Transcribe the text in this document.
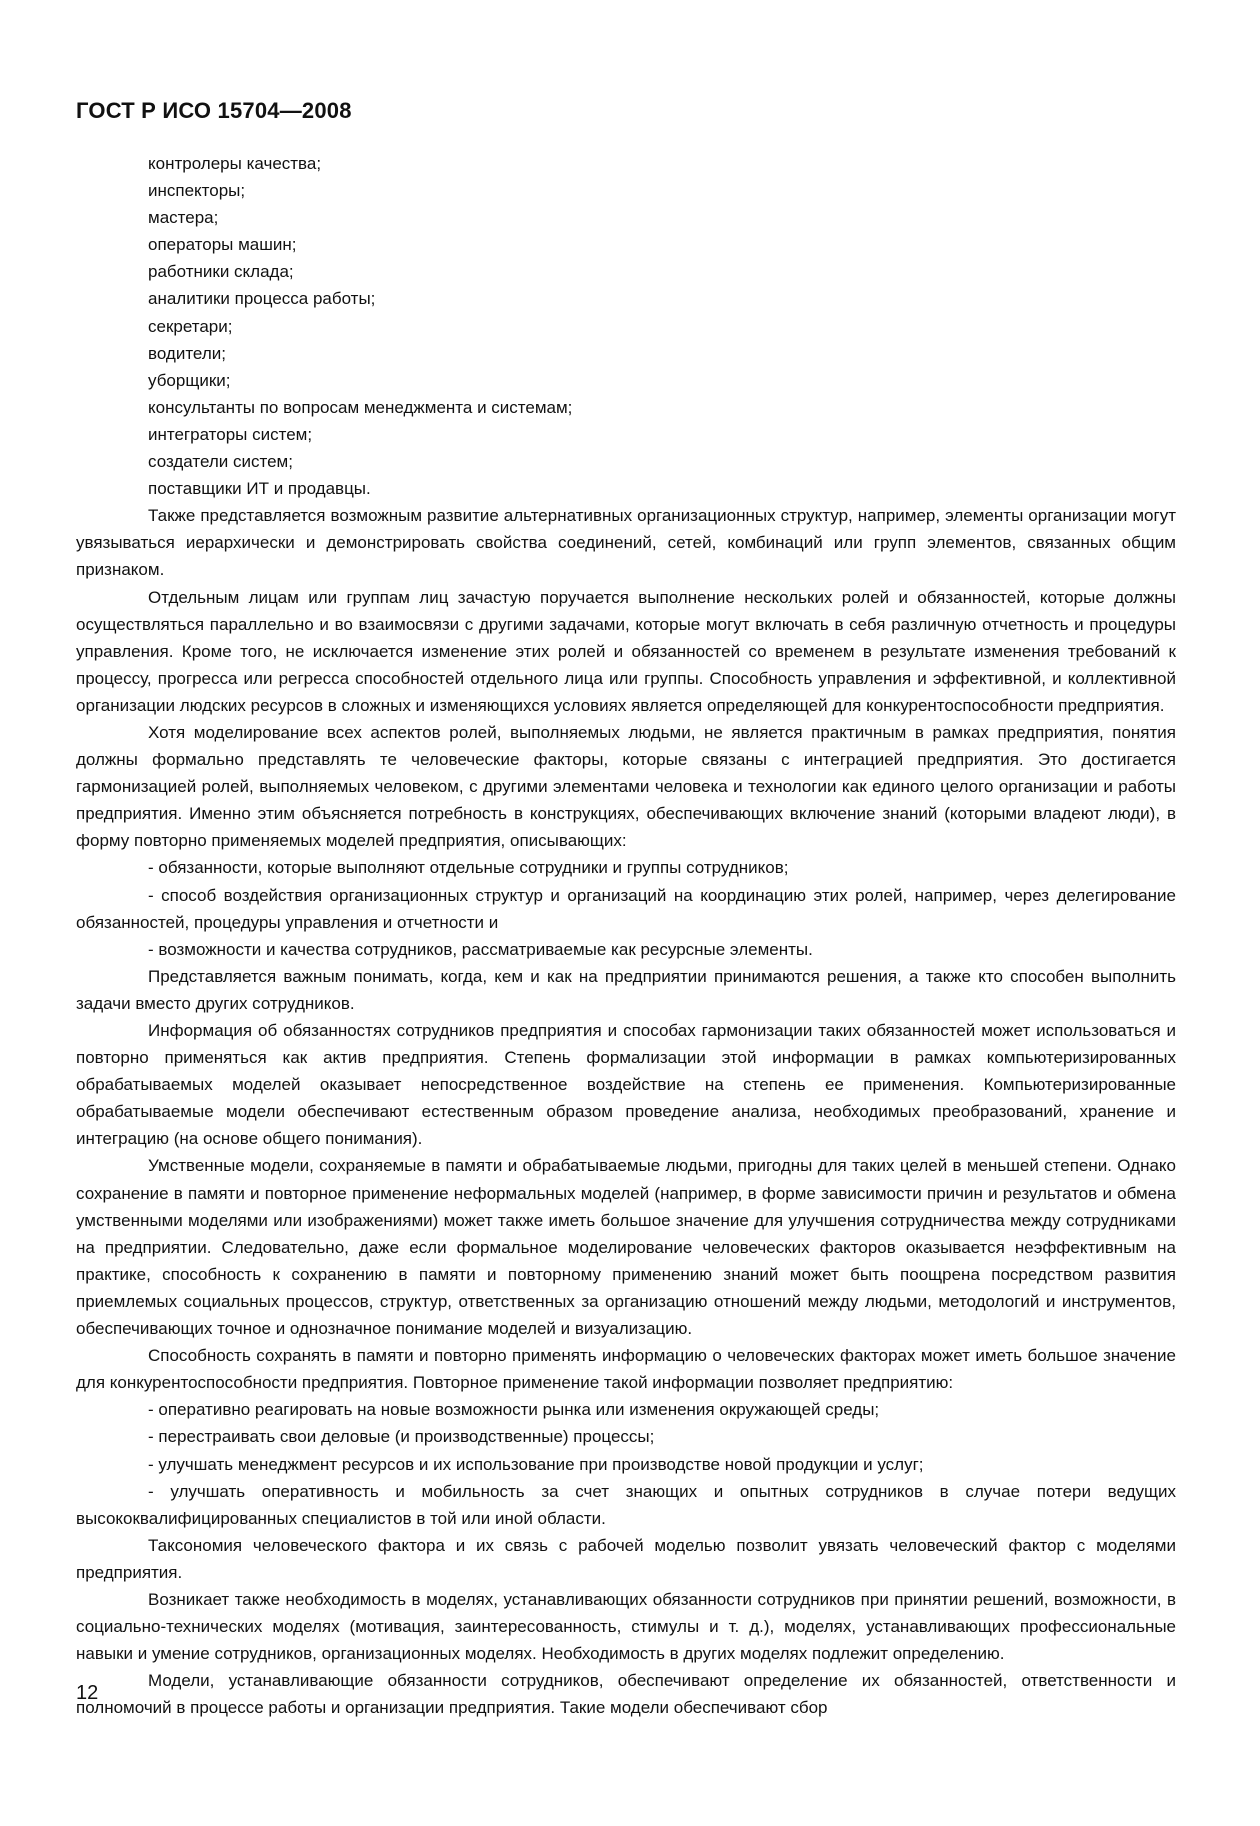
ГОСТ Р ИСО 15704—2008
контролеры качества;
инспекторы;
мастера;
операторы машин;
работники склада;
аналитики процесса работы;
секретари;
водители;
уборщики;
консультанты по вопросам менеджмента и системам;
интеграторы систем;
создатели систем;
поставщики ИТ и продавцы.
Также представляется возможным развитие альтернативных организационных структур, например, элементы организации могут увязываться иерархически и демонстрировать свойства соединений, сетей, комбинаций или групп элементов, связанных общим признаком.
Отдельным лицам или группам лиц зачастую поручается выполнение нескольких ролей и обязанностей, которые должны осуществляться параллельно и во взаимосвязи с другими задачами, которые могут включать в себя различную отчетность и процедуры управления. Кроме того, не исключается изменение этих ролей и обязанностей со временем в результате изменения требований к процессу, прогресса или регресса способностей отдельного лица или группы. Способность управления и эффективной, и коллективной организации людских ресурсов в сложных и изменяющихся условиях является определяющей для конкурентоспособности предприятия.
Хотя моделирование всех аспектов ролей, выполняемых людьми, не является практичным в рамках предприятия, понятия должны формально представлять те человеческие факторы, которые связаны с интеграцией предприятия. Это достигается гармонизацией ролей, выполняемых человеком, с другими элементами человека и технологии как единого целого организации и работы предприятия. Именно этим объясняется потребность в конструкциях, обеспечивающих включение знаний (которыми владеют люди), в форму повторно применяемых моделей предприятия, описывающих:
- обязанности, которые выполняют отдельные сотрудники и группы сотрудников;
- способ воздействия организационных структур и организаций на координацию этих ролей, например, через делегирование обязанностей, процедуры управления и отчетности и
- возможности и качества сотрудников, рассматриваемые как ресурсные элементы.
Представляется важным понимать, когда, кем и как на предприятии принимаются решения, а также кто способен выполнить задачи вместо других сотрудников.
Информация об обязанностях сотрудников предприятия и способах гармонизации таких обязанностей может использоваться и повторно применяться как актив предприятия. Степень формализации этой информации в рамках компьютеризированных обрабатываемых моделей оказывает непосредственное воздействие на степень ее применения. Компьютеризированные обрабатываемые модели обеспечивают естественным образом проведение анализа, необходимых преобразований, хранение и интеграцию (на основе общего понимания).
Умственные модели, сохраняемые в памяти и обрабатываемые людьми, пригодны для таких целей в меньшей степени. Однако сохранение в памяти и повторное применение неформальных моделей (например, в форме зависимости причин и результатов и обмена умственными моделями или изображениями) может также иметь большое значение для улучшения сотрудничества между сотрудниками на предприятии. Следовательно, даже если формальное моделирование человеческих факторов оказывается неэффективным на практике, способность к сохранению в памяти и повторному применению знаний может быть поощрена посредством развития приемлемых социальных процессов, структур, ответственных за организацию отношений между людьми, методологий и инструментов, обеспечивающих точное и однозначное понимание моделей и визуализацию.
Способность сохранять в памяти и повторно применять информацию о человеческих факторах может иметь большое значение для конкурентоспособности предприятия. Повторное применение такой информации позволяет предприятию:
- оперативно реагировать на новые возможности рынка или изменения окружающей среды;
- перестраивать свои деловые (и производственные) процессы;
- улучшать менеджмент ресурсов и их использование при производстве новой продукции и услуг;
- улучшать оперативность и мобильность за счет знающих и опытных сотрудников в случае потери ведущих высококвалифицированных специалистов в той или иной области.
Таксономия человеческого фактора и их связь с рабочей моделью позволит увязать человеческий фактор с моделями предприятия.
Возникает также необходимость в моделях, устанавливающих обязанности сотрудников при принятии решений, возможности, в социально-технических моделях (мотивация, заинтересованность, стимулы и т. д.), моделях, устанавливающих профессиональные навыки и умение сотрудников, организационных моделях. Необходимость в других моделях подлежит определению.
Модели, устанавливающие обязанности сотрудников, обеспечивают определение их обязанностей, ответственности и полномочий в процессе работы и организации предприятия. Такие модели обеспечивают сбор
12
